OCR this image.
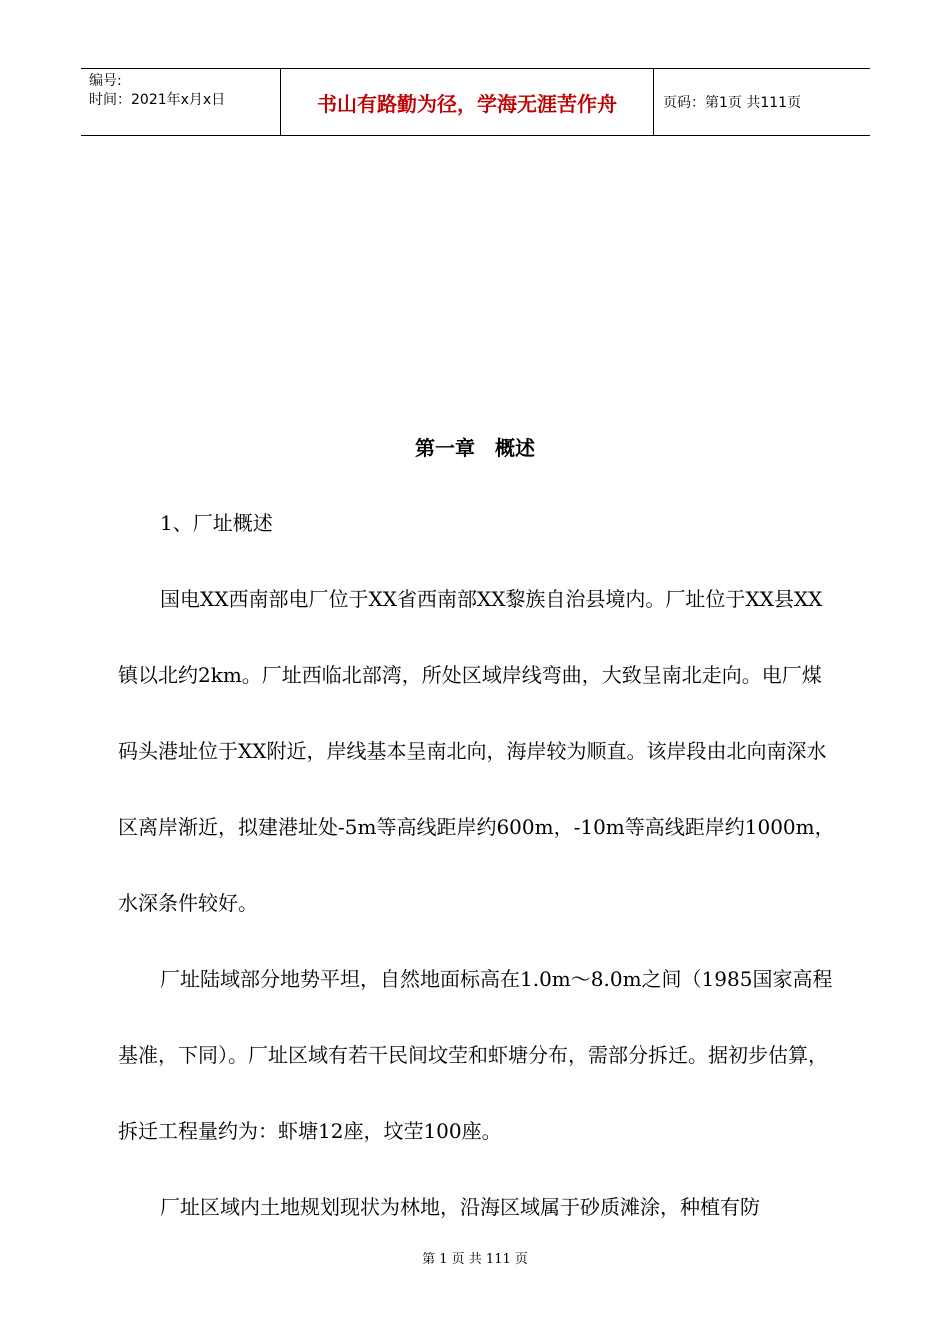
编号:
时间：2021年x月x日	书山有路勤为径，学海无涯苦作舟	页码：第1页 共111页
第一章　概述

1、厂址概述

国电XX西南部电厂位于XX省西南部XX黎族自治县境内。厂址位于XX县XX镇以北约2km。厂址西临北部湾，所处区域岸线弯曲，大致呈南北走向。电厂煤码头港址位于XX附近，岸线基本呈南北向，海岸较为顺直。该岸段由北向南深水区离岸渐近，拟建港址处-5m等高线距岸约600m，-10m等高线距岸约1000m，水深条件较好。

厂址陆域部分地势平坦，自然地面标高在1.0m～8.0m之间（1985国家高程基准，下同）。厂址区域有若干民间坟茔和虾塘分布，需部分拆迁。据初步估算，拆迁工程量约为：虾塘12座，坟茔100座。

厂址区域内土地规划现状为林地，沿海区域属于砂质滩涂，种植有防

第 1 页 共 111 页
